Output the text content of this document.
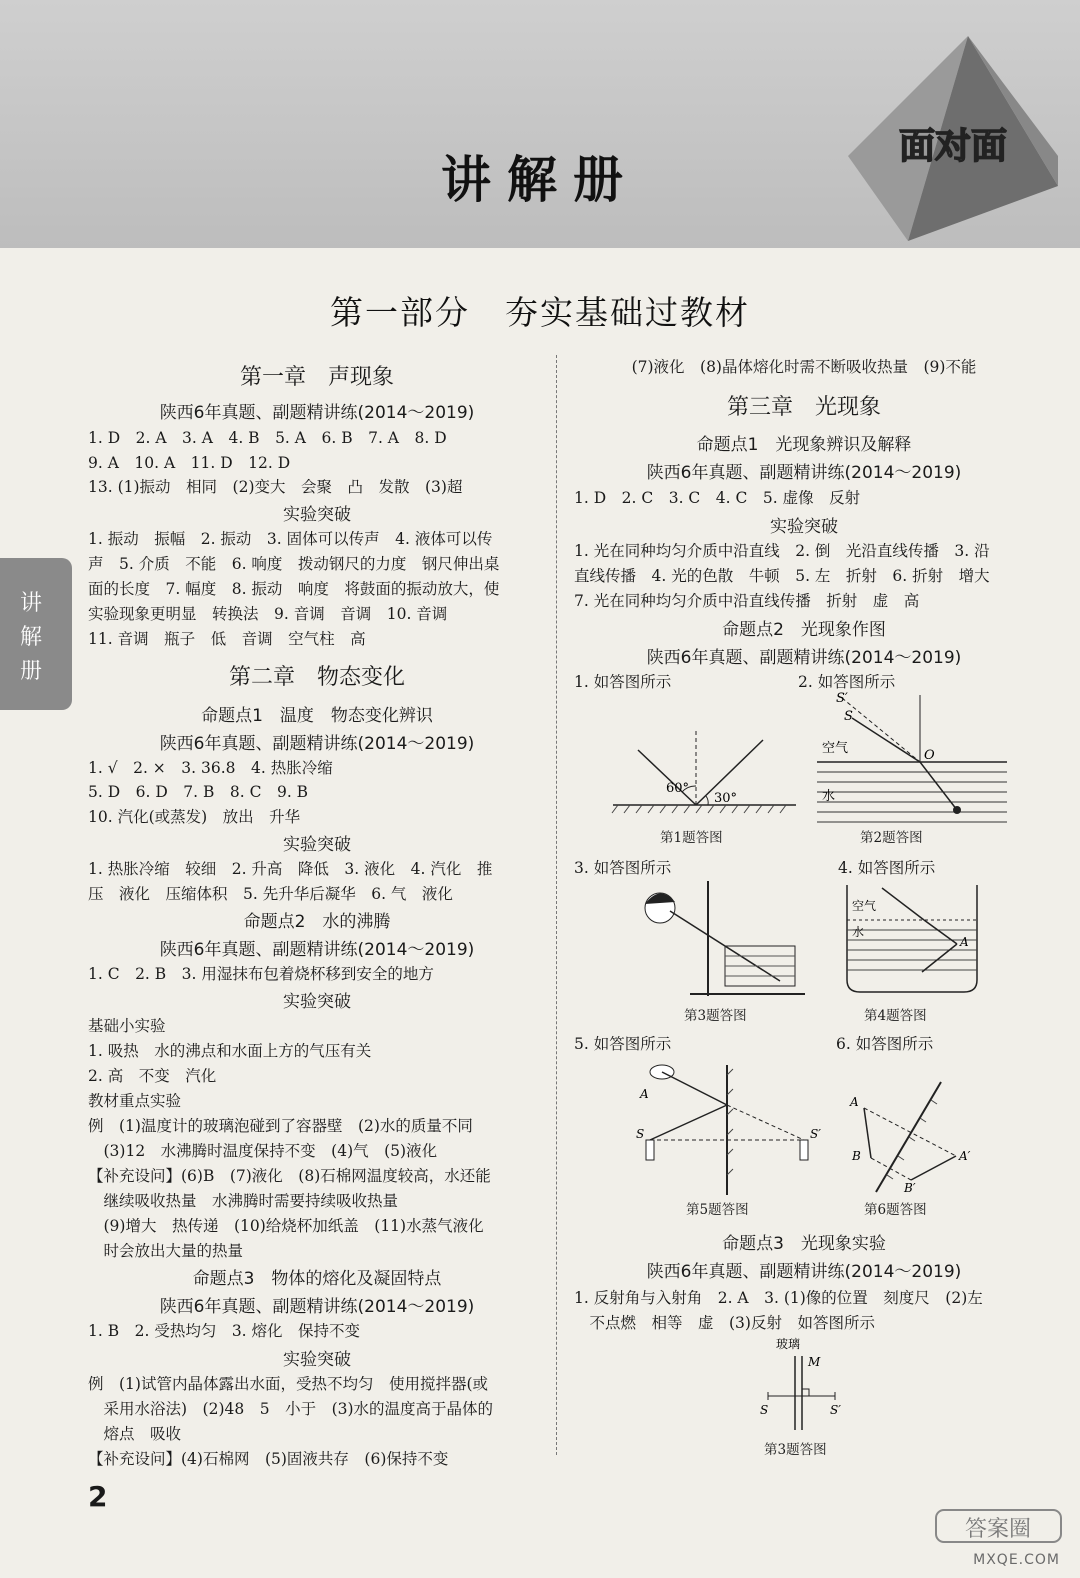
讲解册
面对面
讲
解
册
第一部分　夯实基础过教材
第一章　声现象
陕西6年真题、副题精讲练(2014～2019)
1. D　2. A　3. A　4. B　5. A　6. B　7. A　8. D
9. A　10. A　11. D　12. D
13. (1)振动　相同　(2)变大　会聚　凸　发散　(3)超
实验突破
1. 振动　振幅　2. 振动　3. 固体可以传声　4. 液体可以传
声　5. 介质　不能　6. 响度　拨动钢尺的力度　钢尺伸出桌
面的长度　7. 幅度　8. 振动　响度　将鼓面的振动放大，使
实验现象更明显　转换法　9. 音调　音调　10. 音调
11. 音调　瓶子　低　音调　空气柱　高
第二章　物态变化
命题点1　温度　物态变化辨识
陕西6年真题、副题精讲练(2014～2019)
1. √　2. ×　3. 36.8　4. 热胀冷缩
5. D　6. D　7. B　8. C　9. B
10. 汽化(或蒸发)　放出　升华
实验突破
1. 热胀冷缩　较细　2. 升高　降低　3. 液化　4. 汽化　推
压　液化　压缩体积　5. 先升华后凝华　6. 气　液化
命题点2　水的沸腾
陕西6年真题、副题精讲练(2014～2019)
1. C　2. B　3. 用湿抹布包着烧杯移到安全的地方
实验突破
基础小实验
1. 吸热　水的沸点和水面上方的气压有关
2. 高　不变　汽化
教材重点实验
例　(1)温度计的玻璃泡碰到了容器壁　(2)水的质量不同
　(3)12　水沸腾时温度保持不变　(4)气　(5)液化
【补充设问】(6)B　(7)液化　(8)石棉网温度较高，水还能
　继续吸收热量　水沸腾时需要持续吸收热量
　(9)增大　热传递　(10)给烧杯加纸盖　(11)水蒸气液化
　时会放出大量的热量
命题点3　物体的熔化及凝固特点
陕西6年真题、副题精讲练(2014～2019)
1. B　2. 受热均匀　3. 熔化　保持不变
实验突破
例　(1)试管内晶体露出水面，受热不均匀　使用搅拌器(或
　采用水浴法)　(2)48　5　小于　(3)水的温度高于晶体的
　熔点　吸收
【补充设问】(4)石棉网　(5)固液共存　(6)保持不变
(7)液化　(8)晶体熔化时需不断吸收热量　(9)不能
第三章　光现象
命题点1　光现象辨识及解释
陕西6年真题、副题精讲练(2014～2019)
1. D　2. C　3. C　4. C　5. 虚像　反射
实验突破
1. 光在同种均匀介质中沿直线　2. 倒　光沿直线传播　3. 沿
直线传播　4. 光的色散　牛顿　5. 左　折射　6. 折射　增大
7. 光在同种均匀介质中沿直线传播　折射　虚　高
命题点2　光现象作图
陕西6年真题、副题精讲练(2014～2019)
1. 如答图所示
3. 如答图所示
5. 如答图所示
命题点3　光现象实验
陕西6年真题、副题精讲练(2014～2019)
1. 反射角与入射角　2. A　3. (1)像的位置　刻度尺　(2)左
　不点燃　相等　虚　(3)反射　如答图所示
2. 如答图所示
4. 如答图所示
6. 如答图所示
60°
30°
第1题答图
S′
S
O
空气
水
第2题答图
第3题答图
空气
水
A
第4题答图
A
S	S′
第5题答图
A
B	A′
B′
第6题答图
玻璃
M
S	S′
第3题答图
2
答案圈
MXQE.COM
